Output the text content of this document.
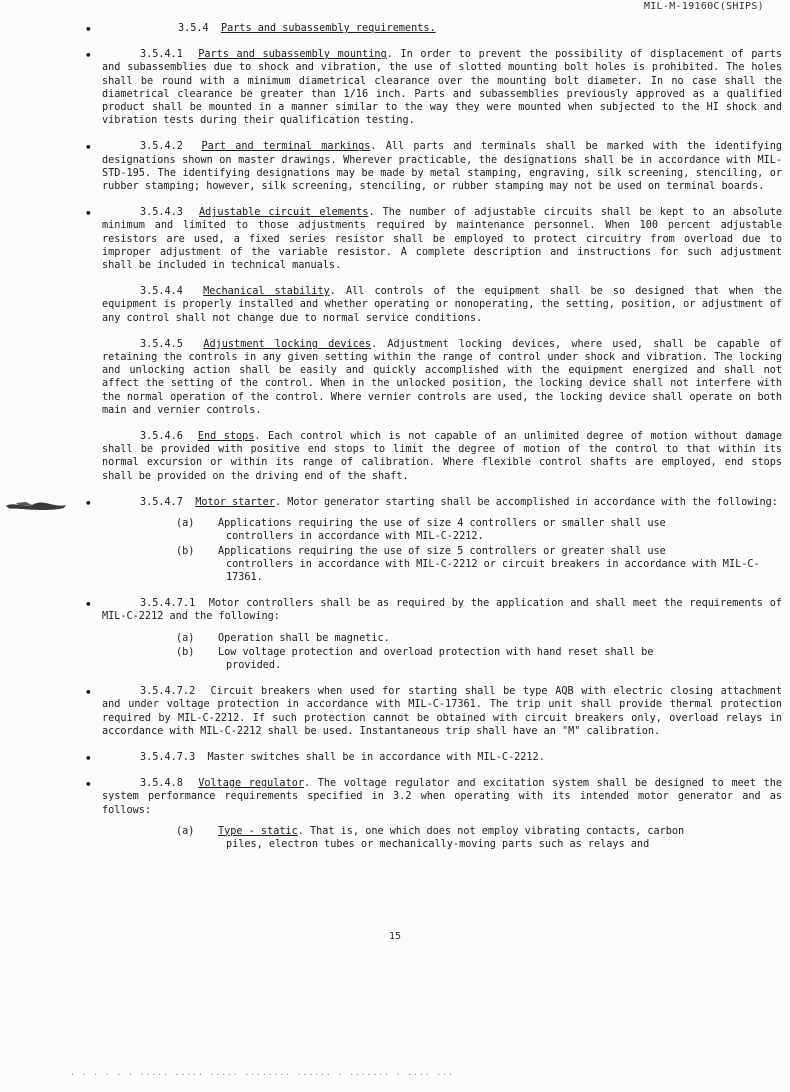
MIL-M-19160C(SHIPS)

•	3.5.4 Parts and subassembly requirements.

•	3.5.4.1 Parts and subassembly mounting. In order to prevent the possibility of displacement of parts and subassemblies due to shock and vibration, the use of slotted mounting bolt holes is prohibited. The holes shall be round with a minimum diametrical clearance over the mounting bolt diameter. In no case shall the diametrical clearance be greater than 1/16 inch. Parts and subassemblies previously approved as a qualified product shall be mounted in a manner similar to the way they were mounted when subjected to the HI shock and vibration tests during their qualification testing.

•	3.5.4.2 Part and terminal markings. All parts and terminals shall be marked with the identifying designations shown on master drawings. Wherever practicable, the designations shall be in accordance with MIL-STD-195. The identifying designations may be made by metal stamping, engraving, silk screening, stenciling, or rubber stamping; however, silk screening, stenciling, or rubber stamping may not be used on terminal boards.

•	3.5.4.3 Adjustable circuit elements. The number of adjustable circuits shall be kept to an absolute minimum and limited to those adjustments required by maintenance personnel. When 100 percent adjustable resistors are used, a fixed series resistor shall be employed to protect circuitry from overload due to improper adjustment of the variable resistor. A complete description and instructions for such adjustment shall be included in technical manuals.

3.5.4.4 Mechanical stability. All controls of the equipment shall be so designed that when the equipment is properly installed and whether operating or nonoperating, the setting, position, or adjustment of any control shall not change due to normal service conditions.

3.5.4.5 Adjustment locking devices. Adjustment locking devices, where used, shall be capable of retaining the controls in any given setting within the range of control under shock and vibration. The locking and unlocking action shall be easily and quickly accomplished with the equipment energized and shall not affect the setting of the control. When in the unlocked position, the locking device shall not interfere with the normal operation of the control. Where vernier controls are used, the locking device shall operate on both main and vernier controls.

3.5.4.6 End stops. Each control which is not capable of an unlimited degree of motion without damage shall be provided with positive end stops to limit the degree of motion of the control to that within its normal excursion or within its range of calibration. Where flexible control shafts are employed, end stops shall be provided on the driving end of the shaft.

•	3.5.4.7 Motor starter. Motor generator starting shall be accomplished in accordance with the following:

(a)	Applications requiring the use of size 4 controllers or smaller shall use
controllers in accordance with MIL-C-2212.
(b)	Applications requiring the use of size 5 controllers or greater shall use
controllers in accordance with MIL-C-2212 or circuit breakers in accordance with MIL-C-17361.

•	3.5.4.7.1 Motor controllers shall be as required by the application and shall meet the requirements of MIL-C-2212 and the following:

(a)	Operation shall be magnetic.
(b)	Low voltage protection and overload protection with hand reset shall be
provided.

•	3.5.4.7.2 Circuit breakers when used for starting shall be type AQB with electric closing attachment and under voltage protection in accordance with MIL-C-17361. The trip unit shall provide thermal protection required by MIL-C-2212. If such protection cannot be obtained with circuit breakers only, overload relays in accordance with MIL-C-2212 shall be used. Instantaneous trip shall have an "M" calibration.

•	3.5.4.7.3 Master switches shall be in accordance with MIL-C-2212.

•	3.5.4.8 Voltage regulator. The voltage regulator and excitation system shall be designed to meet the system performance requirements specified in 3.2 when operating with its intended motor generator and as follows:

(a)	Type - static. That is, one which does not employ vibrating contacts, carbon
piles, electron tubes or mechanically-moving parts such as relays and
15
· · · · · · ····· ····· ····· ········ ······ · ······· · ···· ···
